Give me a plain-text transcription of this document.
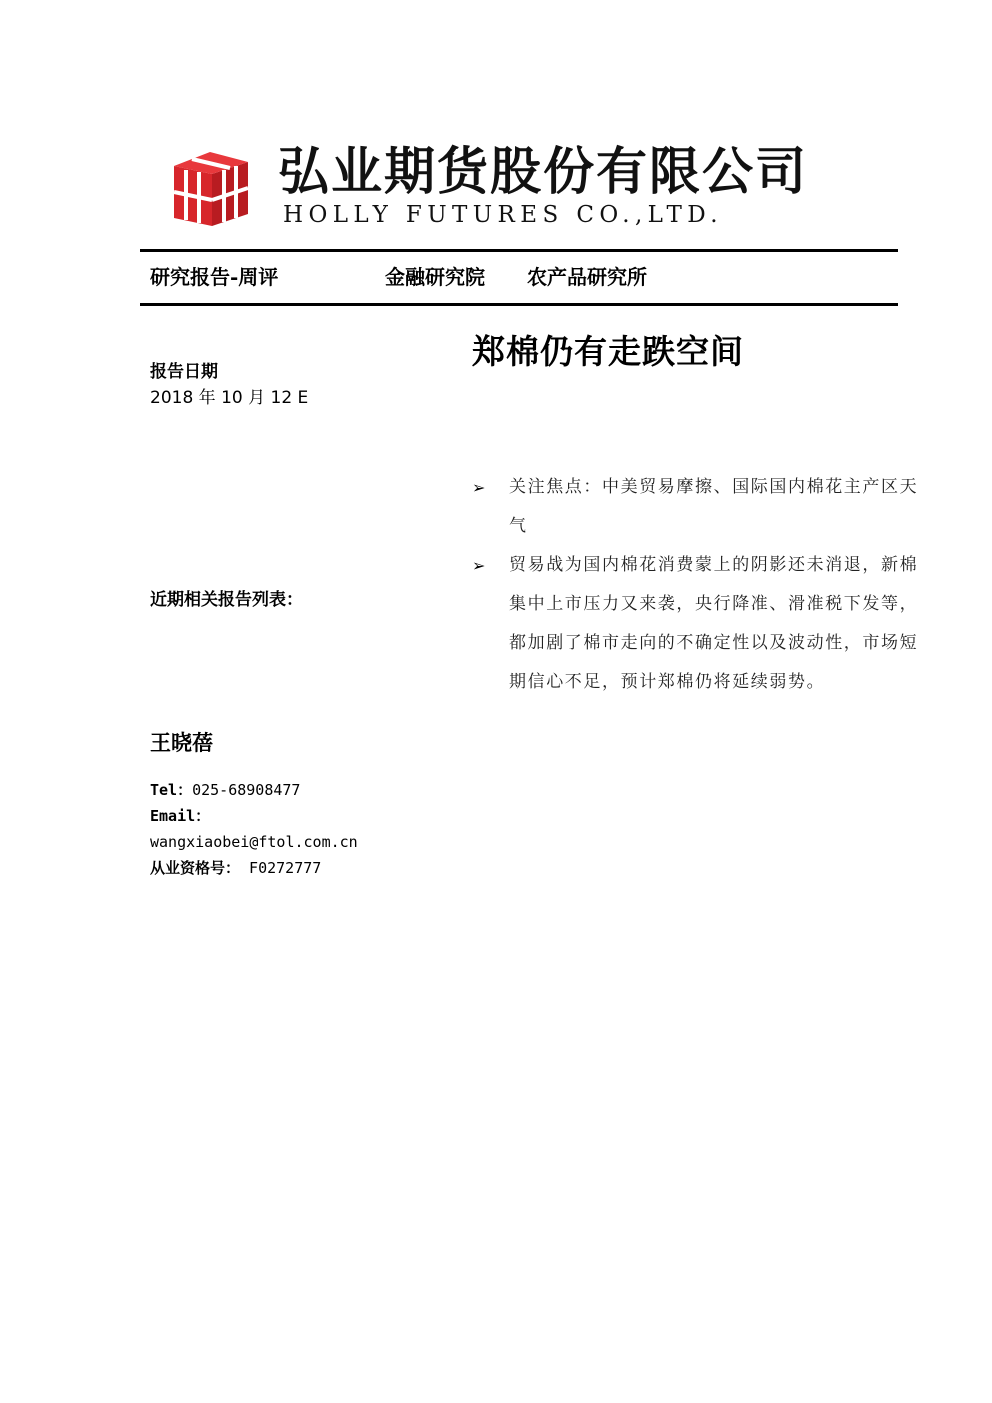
弘业期货股份有限公司
HOLLY FUTURES CO.,LTD.
研究报告-周评	金融研究院 农产品研究所
郑棉仍有走跌空间
报告日期
2018 年 10 月 12 E
近期相关报告列表：
王晓蓓
Tel：025-68908477
Email：
wangxiaobei@ftol.com.cn
从业资格号： F0272777
➢ 关注焦点：中美贸易摩擦、国际国内棉花主产区天气
➢ 贸易战为国内棉花消费蒙上的阴影还未消退，新棉集中上市压力又来袭，央行降准、滑准税下发等，都加剧了棉市走向的不确定性以及波动性，市场短期信心不足，预计郑棉仍将延续弱势。
